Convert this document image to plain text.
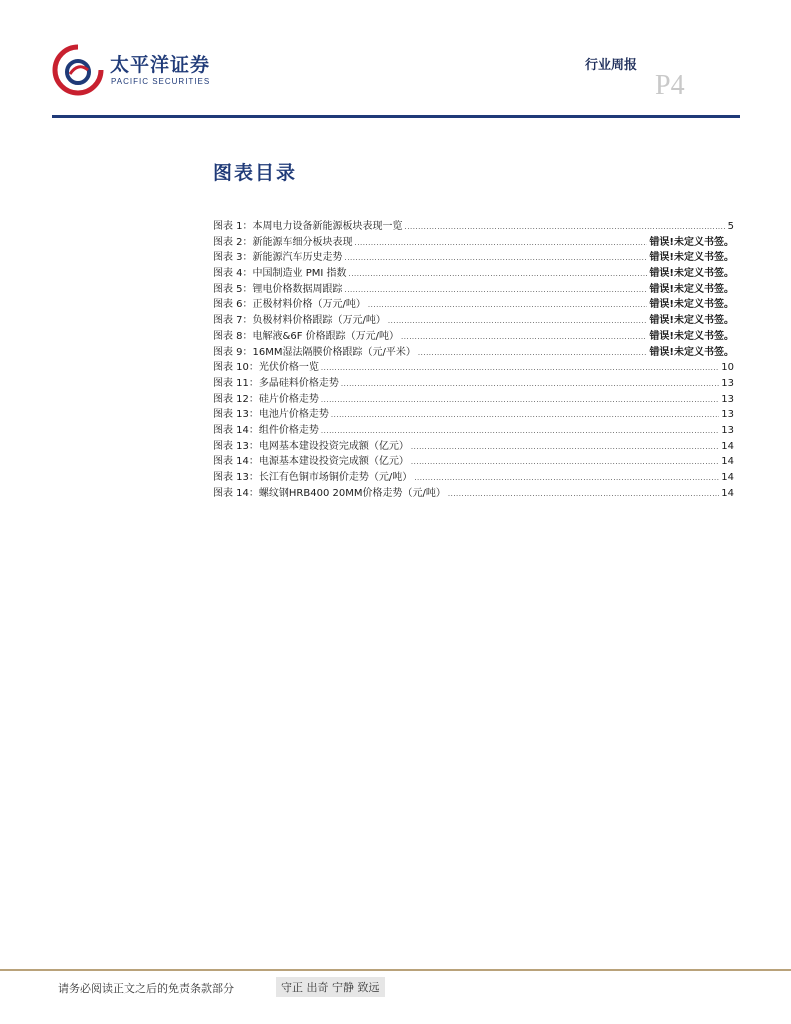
太平洋证券
PACIFIC SECURITIES
行业周报
P4
图表目录
图表 1：本周电力设备新能源板块表现一览 .....	5
图表 2：新能源车细分板块表现 .....	错误!未定义书签。
图表 3：新能源汽车历史走势 .....	错误!未定义书签。
图表 4：中国制造业 PMI 指数 .....	错误!未定义书签。
图表 5：锂电价格数据周跟踪 .....	错误!未定义书签。
图表 6：正极材料价格（万元/吨） .....	错误!未定义书签。
图表 7：负极材料价格跟踪（万元/吨） .....	错误!未定义书签。
图表 8：电解液&6F 价格跟踪（万元/吨） .....	错误!未定义书签。
图表 9：16MM湿法隔膜价格跟踪（元/平米） .....	错误!未定义书签。
图表 10：光伏价格一览 .....	10
图表 11：多晶硅料价格走势 .....	13
图表 12：硅片价格走势 .....	13
图表 13：电池片价格走势 .....	13
图表 14：组件价格走势 .....	13
图表 13：电网基本建设投资完成额（亿元） .....	14
图表 14：电源基本建设投资完成额（亿元） .....	14
图表 13：长江有色铜市场铜价走势（元/吨） .....	14
图表 14：螺纹钢HRB400 20MM价格走势（元/吨） .....	14
请务必阅读正文之后的免责条款部分	守正 出奇 宁静 致远
